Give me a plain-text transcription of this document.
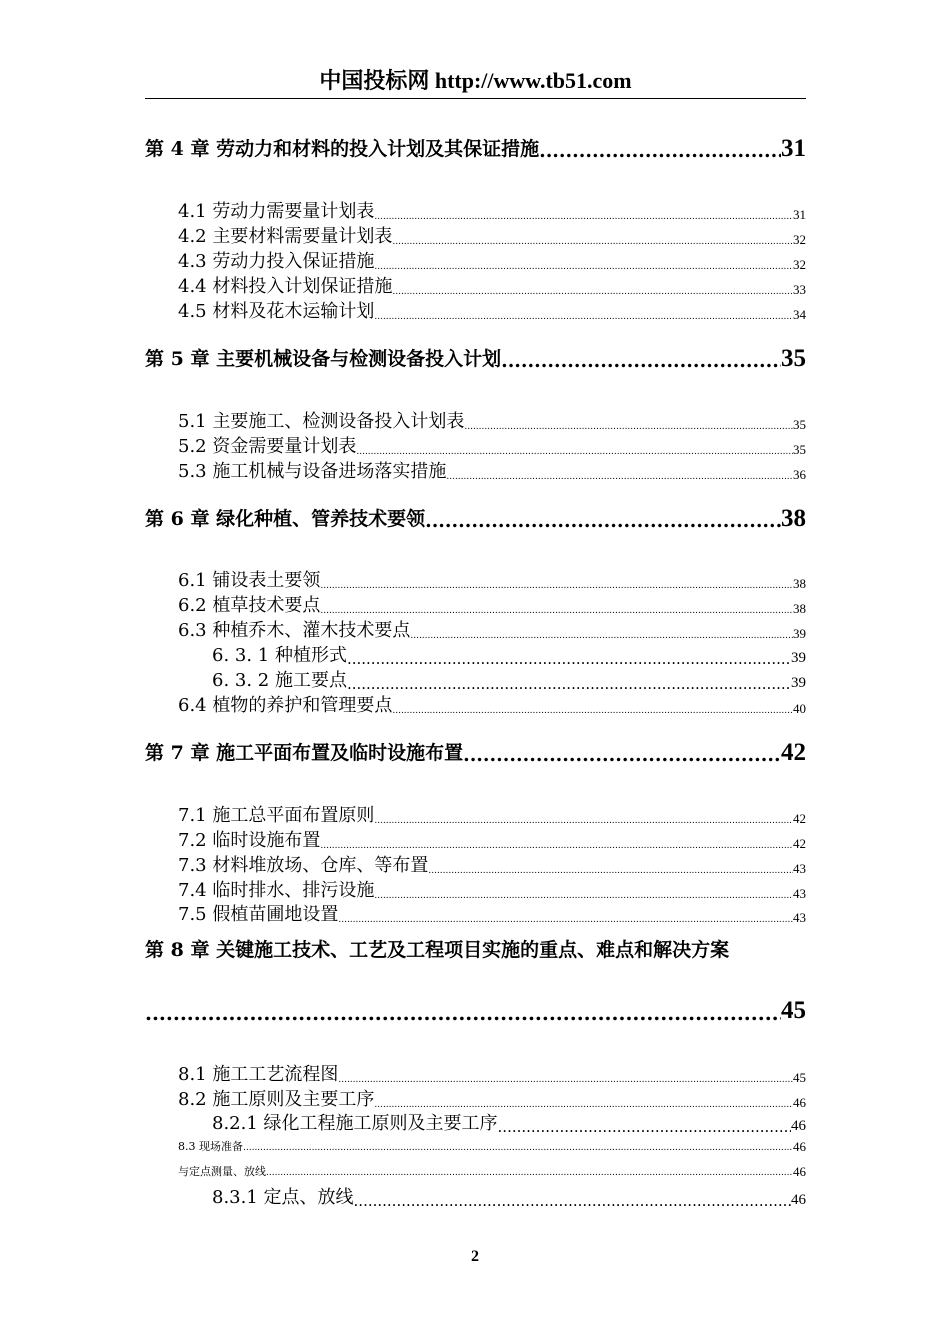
中国投标网 http://www.tb51.com
第 4 章 劳动力和材料的投入计划及其保证措施 .....	31
4.1 劳动力需要量计划表 .....	31
4.2 主要材料需要量计划表 .....	32
4.3 劳动力投入保证措施 .....	32
4.4 材料投入计划保证措施 .....	33
4.5 材料及花木运输计划 .....	34
第 5 章 主要机械设备与检测设备投入计划 .....	35
5.1 主要施工、检测设备投入计划表 .....	35
5.2 资金需要量计划表 .....	35
5.3 施工机械与设备进场落实措施 .....	36
第 6 章 绿化种植、管养技术要领 .....	38
6.1 铺设表土要领 .....	38
6.2 植草技术要点 .....	38
6.3 种植乔木、灌木技术要点 .....	39
6. 3. 1 种植形式 .....	39
6. 3. 2 施工要点 .....	39
6.4 植物的养护和管理要点 .....	40
第 7 章 施工平面布置及临时设施布置 .....	42
7.1 施工总平面布置原则 .....	42
7.2 临时设施布置 .....	42
7.3 材料堆放场、仓库、等布置 .....	43
7.4 临时排水、排污设施 .....	43
7.5 假植苗圃地设置 .....	43
第 8 章 关键施工技术、工艺及工程项目实施的重点、难点和解决方案
.....
45
8.1 施工工艺流程图 .....	45
8.2 施工原则及主要工序 .....	46
8.2.1 绿化工程施工原则及主要工序 .....	46
8.3 现场准备 .....	46
与定点测量、放线 .....	46
8.3.1 定点、放线 .....	46
2
